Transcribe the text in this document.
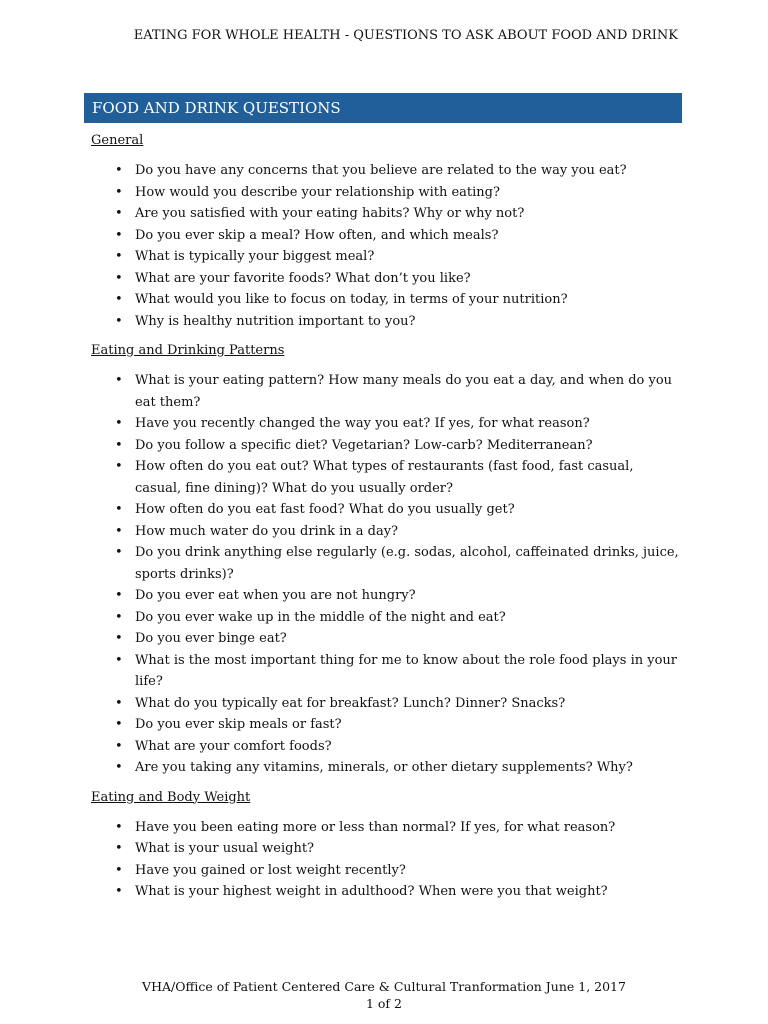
EATING FOR WHOLE HEALTH - QUESTIONS TO ASK ABOUT FOOD AND DRINK
FOOD AND DRINK QUESTIONS
General
• Do you have any concerns that you believe are related to the way you eat?
• How would you describe your relationship with eating?
• Are you satisfied with your eating habits? Why or why not?
• Do you ever skip a meal? How often, and which meals?
• What is typically your biggest meal?
• What are your favorite foods? What don’t you like?
• What would you like to focus on today, in terms of your nutrition?
• Why is healthy nutrition important to you?
Eating and Drinking Patterns
• What is your eating pattern? How many meals do you eat a day, and when do you eat them?
• Have you recently changed the way you eat? If yes, for what reason?
• Do you follow a specific diet? Vegetarian? Low-carb? Mediterranean?
• How often do you eat out? What types of restaurants (fast food, fast casual, casual, fine dining)? What do you usually order?
• How often do you eat fast food? What do you usually get?
• How much water do you drink in a day?
• Do you drink anything else regularly (e.g. sodas, alcohol, caffeinated drinks, juice, sports drinks)?
• Do you ever eat when you are not hungry?
• Do you ever wake up in the middle of the night and eat?
• Do you ever binge eat?
• What is the most important thing for me to know about the role food plays in your life?
• What do you typically eat for breakfast? Lunch? Dinner? Snacks?
• Do you ever skip meals or fast?
• What are your comfort foods?
• Are you taking any vitamins, minerals, or other dietary supplements? Why?
Eating and Body Weight
• Have you been eating more or less than normal? If yes, for what reason?
• What is your usual weight?
• Have you gained or lost weight recently?
• What is your highest weight in adulthood? When were you that weight?
VHA/Office of Patient Centered Care & Cultural Tranformation June 1, 2017
1 of 2
